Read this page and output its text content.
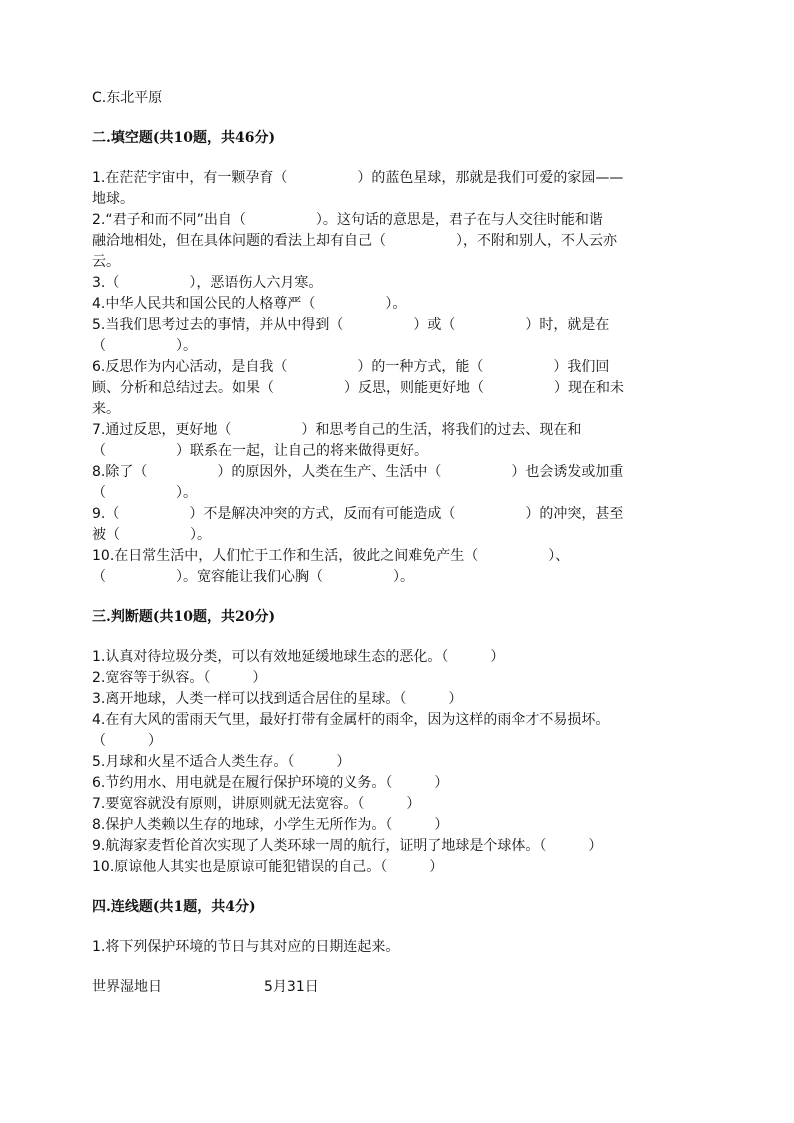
C.东北平原

二.填空题(共10题，共46分)

1.在茫茫宇宙中，有一颗孕育（　　　　　）的蓝色星球，那就是我们可爱的家园——

地球。

2.“君子和而不同”出自（　　　　　）。这句话的意思是，君子在与人交往时能和谐

融洽地相处，但在具体问题的看法上却有自己（　　　　　），不附和别人，不人云亦

云。

3.（　　　　　），恶语伤人六月寒。

4.中华人民共和国公民的人格尊严（　　　　　）。

5.当我们思考过去的事情，并从中得到（　　　　　）或（　　　　　）时，就是在

（　　　　　）。

6.反思作为内心活动，是自我（　　　　　）的一种方式，能（　　　　　）我们回

顾、分析和总结过去。如果（　　　　　）反思，则能更好地（　　　　　）现在和未

来。

7.通过反思，更好地（　　　　　）和思考自己的生活，将我们的过去、现在和

（　　　　　）联系在一起，让自己的将来做得更好。

8.除了（　　　　　）的原因外，人类在生产、生活中（　　　　　）也会诱发或加重

（　　　　　）。

9.（　　　　　）不是解决冲突的方式，反而有可能造成（　　　　　）的冲突，甚至

被（　　　　　）。

10.在日常生活中，人们忙于工作和生活，彼此之间难免产生（　　　　　）、

（　　　　　）。宽容能让我们心胸（　　　　　）。

三.判断题(共10题，共20分)

1.认真对待垃圾分类，可以有效地延缓地球生态的恶化。（　　　）

2.宽容等于纵容。（　　　）

3.离开地球，人类一样可以找到适合居住的星球。（　　　）

4.在有大风的雷雨天气里，最好打带有金属杆的雨伞，因为这样的雨伞才不易损坏。

（　　　）

5.月球和火星不适合人类生存。（　　　）

6.节约用水、用电就是在履行保护环境的义务。（　　　）

7.要宽容就没有原则，讲原则就无法宽容。（　　　）

8.保护人类赖以生存的地球，小学生无所作为。（　　　）

9.航海家麦哲伦首次实现了人类环球一周的航行，证明了地球是个球体。（　　　）

10.原谅他人其实也是原谅可能犯错误的自己。（　　　）

四.连线题(共1题，共4分)

1.将下列保护环境的节日与其对应的日期连起来。

世界湿地日	5月31日
